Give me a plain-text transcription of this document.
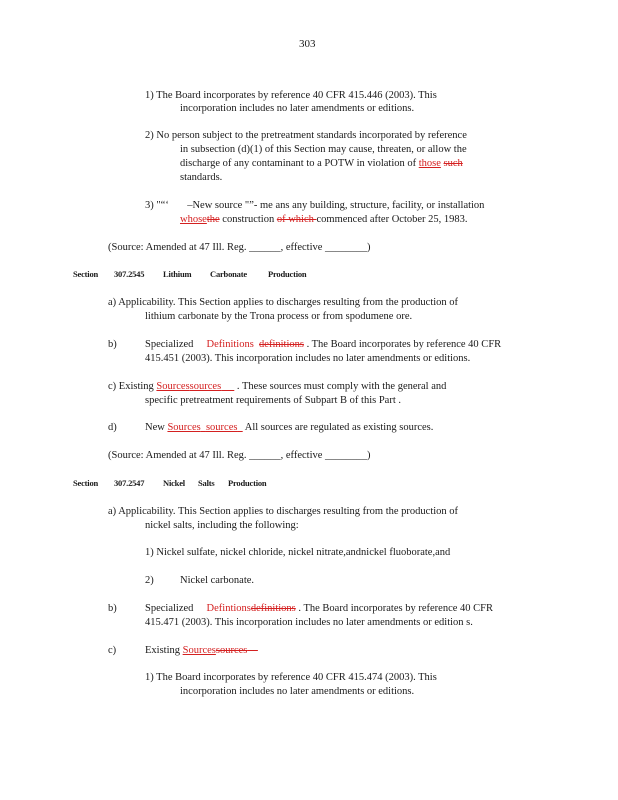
303
1) The Board incorporates by reference 40 CFR 415.446 (2003). This
incorporation includes no later amendments or editions.
2) No person subject to the pretreatment standards incorporated by reference
in subsection (d)(1) of this Section may cause, threaten, or allow the
discharge of any contaminant to a POTW in violation of those such
standards.
3) "“‘       –New source "”- me ans any building, structure, facility, or installation
whosethe construction of which commenced after October 25, 1983.
(Source: Amended at 47 Ill. Reg. ______, effective ________)
Section 307.2545 Lithium Carbonate Production
a) Applicability. This Section applies to discharges resulting from the production of
lithium carbonate by the Trona process or from spodumene ore.
b)	Specialized Definitions definitions . The Board incorporates by reference 40 CFR
415.451 (2003). This incorporation includes no later amendments or editions.
c) Existing Sourcessources      . These sources must comply with the general and
specific pretreatment requirements of Subpart B of this Part .
d)	New Sources sources   All sources are regulated as existing sources.
(Source: Amended at 47 Ill. Reg. ______, effective ________)
Section 307.2547 Nickel Salts Production
a) Applicability. This Section applies to discharges resulting from the production of
nickel salts, including the following:
1) Nickel sulfate, nickel chloride, nickel nitrate,andnickel fluoborate,and
2)	Nickel carbonate.
b)	Specialized Defintionsdefinitions . The Board incorporates by reference 40 CFR
415.471 (2003). This incorporation includes no later amendments or edition s.
c)	Existing Sourcessources
1) The Board incorporates by reference 40 CFR 415.474 (2003). This
incorporation includes no later amendments or editions.
